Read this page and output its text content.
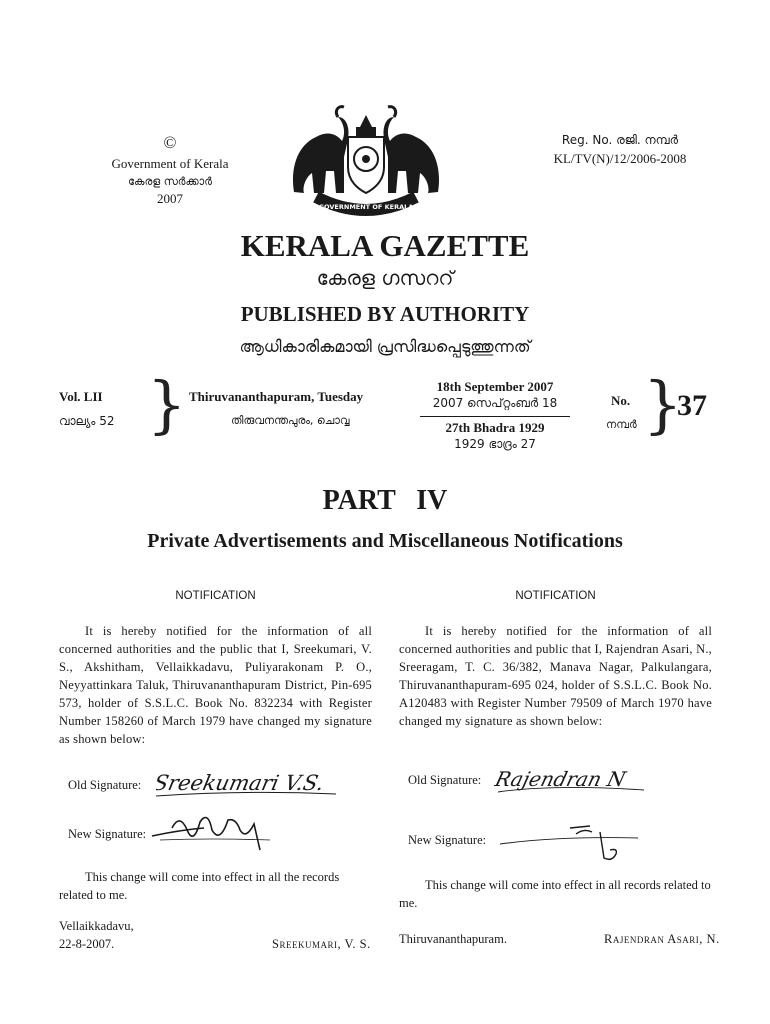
©
Government of Kerala
കേരള സർക്കാർ
2007
GOVERNMENT OF KERALA
Reg. No. രജി. നമ്പർ
KL/TV(N)/12/2006-2008
KERALA GAZETTE
കേരള ഗസററ്
PUBLISHED BY AUTHORITY
ആധികാരികമായി പ്രസിദ്ധപ്പെടുത്തുന്നത്
Vol. LII
വാല്യം 52 } Thiruvananthapuram, Tuesday
തിരുവനന്തപുരം, ചൊവ്വ
18th September 2007
2007 സെപ്റ്റംബർ 18
27th Bhadra 1929
1929 ഭാദ്രം 27
No.
നമ്പർ }
37
PART   IV
Private Advertisements and Miscellaneous Notifications
NOTIFICATION
It is hereby notified for the information of all concerned authorities and the public that I, Sreekumari, V. S., Akshitham, Vellaikkadavu, Puliyarakonam P. O., Neyyattinkara Taluk, Thiruvananthapuram District, Pin-695 573, holder of S.S.L.C. Book No. 832234 with Register Number 158260 of March 1979 have changed my signature as shown below:
Old Signature: Sreekumari V.S.
New Signature:
This change will come into effect in all the records related to me.
Vellaikkadavu,
22-8-2007.	Sreekumari, V. S.
NOTIFICATION
It is hereby notified for the information of all concerned authorities and public that I, Rajendran Asari, N., Sreeragam, T. C. 36/382, Manava Nagar, Palkulangara, Thiruvananthapuram-695 024, holder of S.S.L.C. Book No. A120483 with Register Number 79509 of March 1970 have changed my signature as shown below:
Old Signature: Rajendran N
New Signature:
This change will come into effect in all records related to me.
Thiruvananthapuram.	Rajendran Asari, N.
